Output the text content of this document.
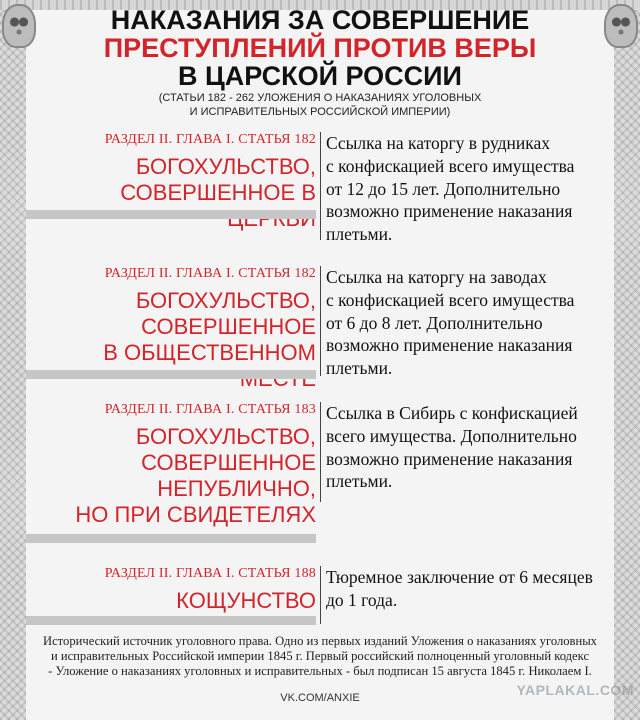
НАКАЗАНИЯ ЗА СОВЕРШЕНИЕ
ПРЕСТУПЛЕНИЙ ПРОТИВ ВЕРЫ
В ЦАРСКОЙ РОССИИ
(СТАТЬИ 182 - 262 УЛОЖЕНИЯ О НАКАЗАНИЯХ УГОЛОВНЫХ
И ИСПРАВИТЕЛЬНЫХ РОССИЙСКОЙ ИМПЕРИИ)
РАЗДЕЛ II. ГЛАВА I. СТАТЬЯ 182
БОГОХУЛЬСТВО,
СОВЕРШЕННОЕ В
Ссылка на каторгу в рудниках
с конфискацией всего имущества
от 12 до 15 лет. Дополнительно
возможно применение наказания
плетьми.
РАЗДЕЛ II. ГЛАВА I. СТАТЬЯ 182
БОГОХУЛЬСТВО,
СОВЕРШЕННОЕ
В ОБЩЕСТВЕННОМ
Ссылка на каторгу на заводах
с конфискацией всего имущества
от 6 до 8 лет. Дополнительно
возможно применение наказания
плетьми.
РАЗДЕЛ II. ГЛАВА I. СТАТЬЯ 183
БОГОХУЛЬСТВО,
СОВЕРШЕННОЕ
НЕПУБЛИЧНО,
НО ПРИ СВИДЕТЕЛЯХ
Ссылка в Сибирь с конфискацией
всего имущества. Дополнительно
возможно применение наказания
плетьми.
РАЗДЕЛ II. ГЛАВА I. СТАТЬЯ 188
КОЩУНСТВО
Тюремное заключение от 6 месяцев
до 1 года.
Исторический источник уголовного права. Одно из первых изданий Уложения о наказаниях уголовных
и исправительных Российской империи 1845 г. Первый российский полноценный уголовный кодекс
- Уложение о наказаниях уголовных и исправительных - был подписан 15 августа 1845 г. Николаем I.
VK.COM/ANXIE	YAPLAKAL.COM
